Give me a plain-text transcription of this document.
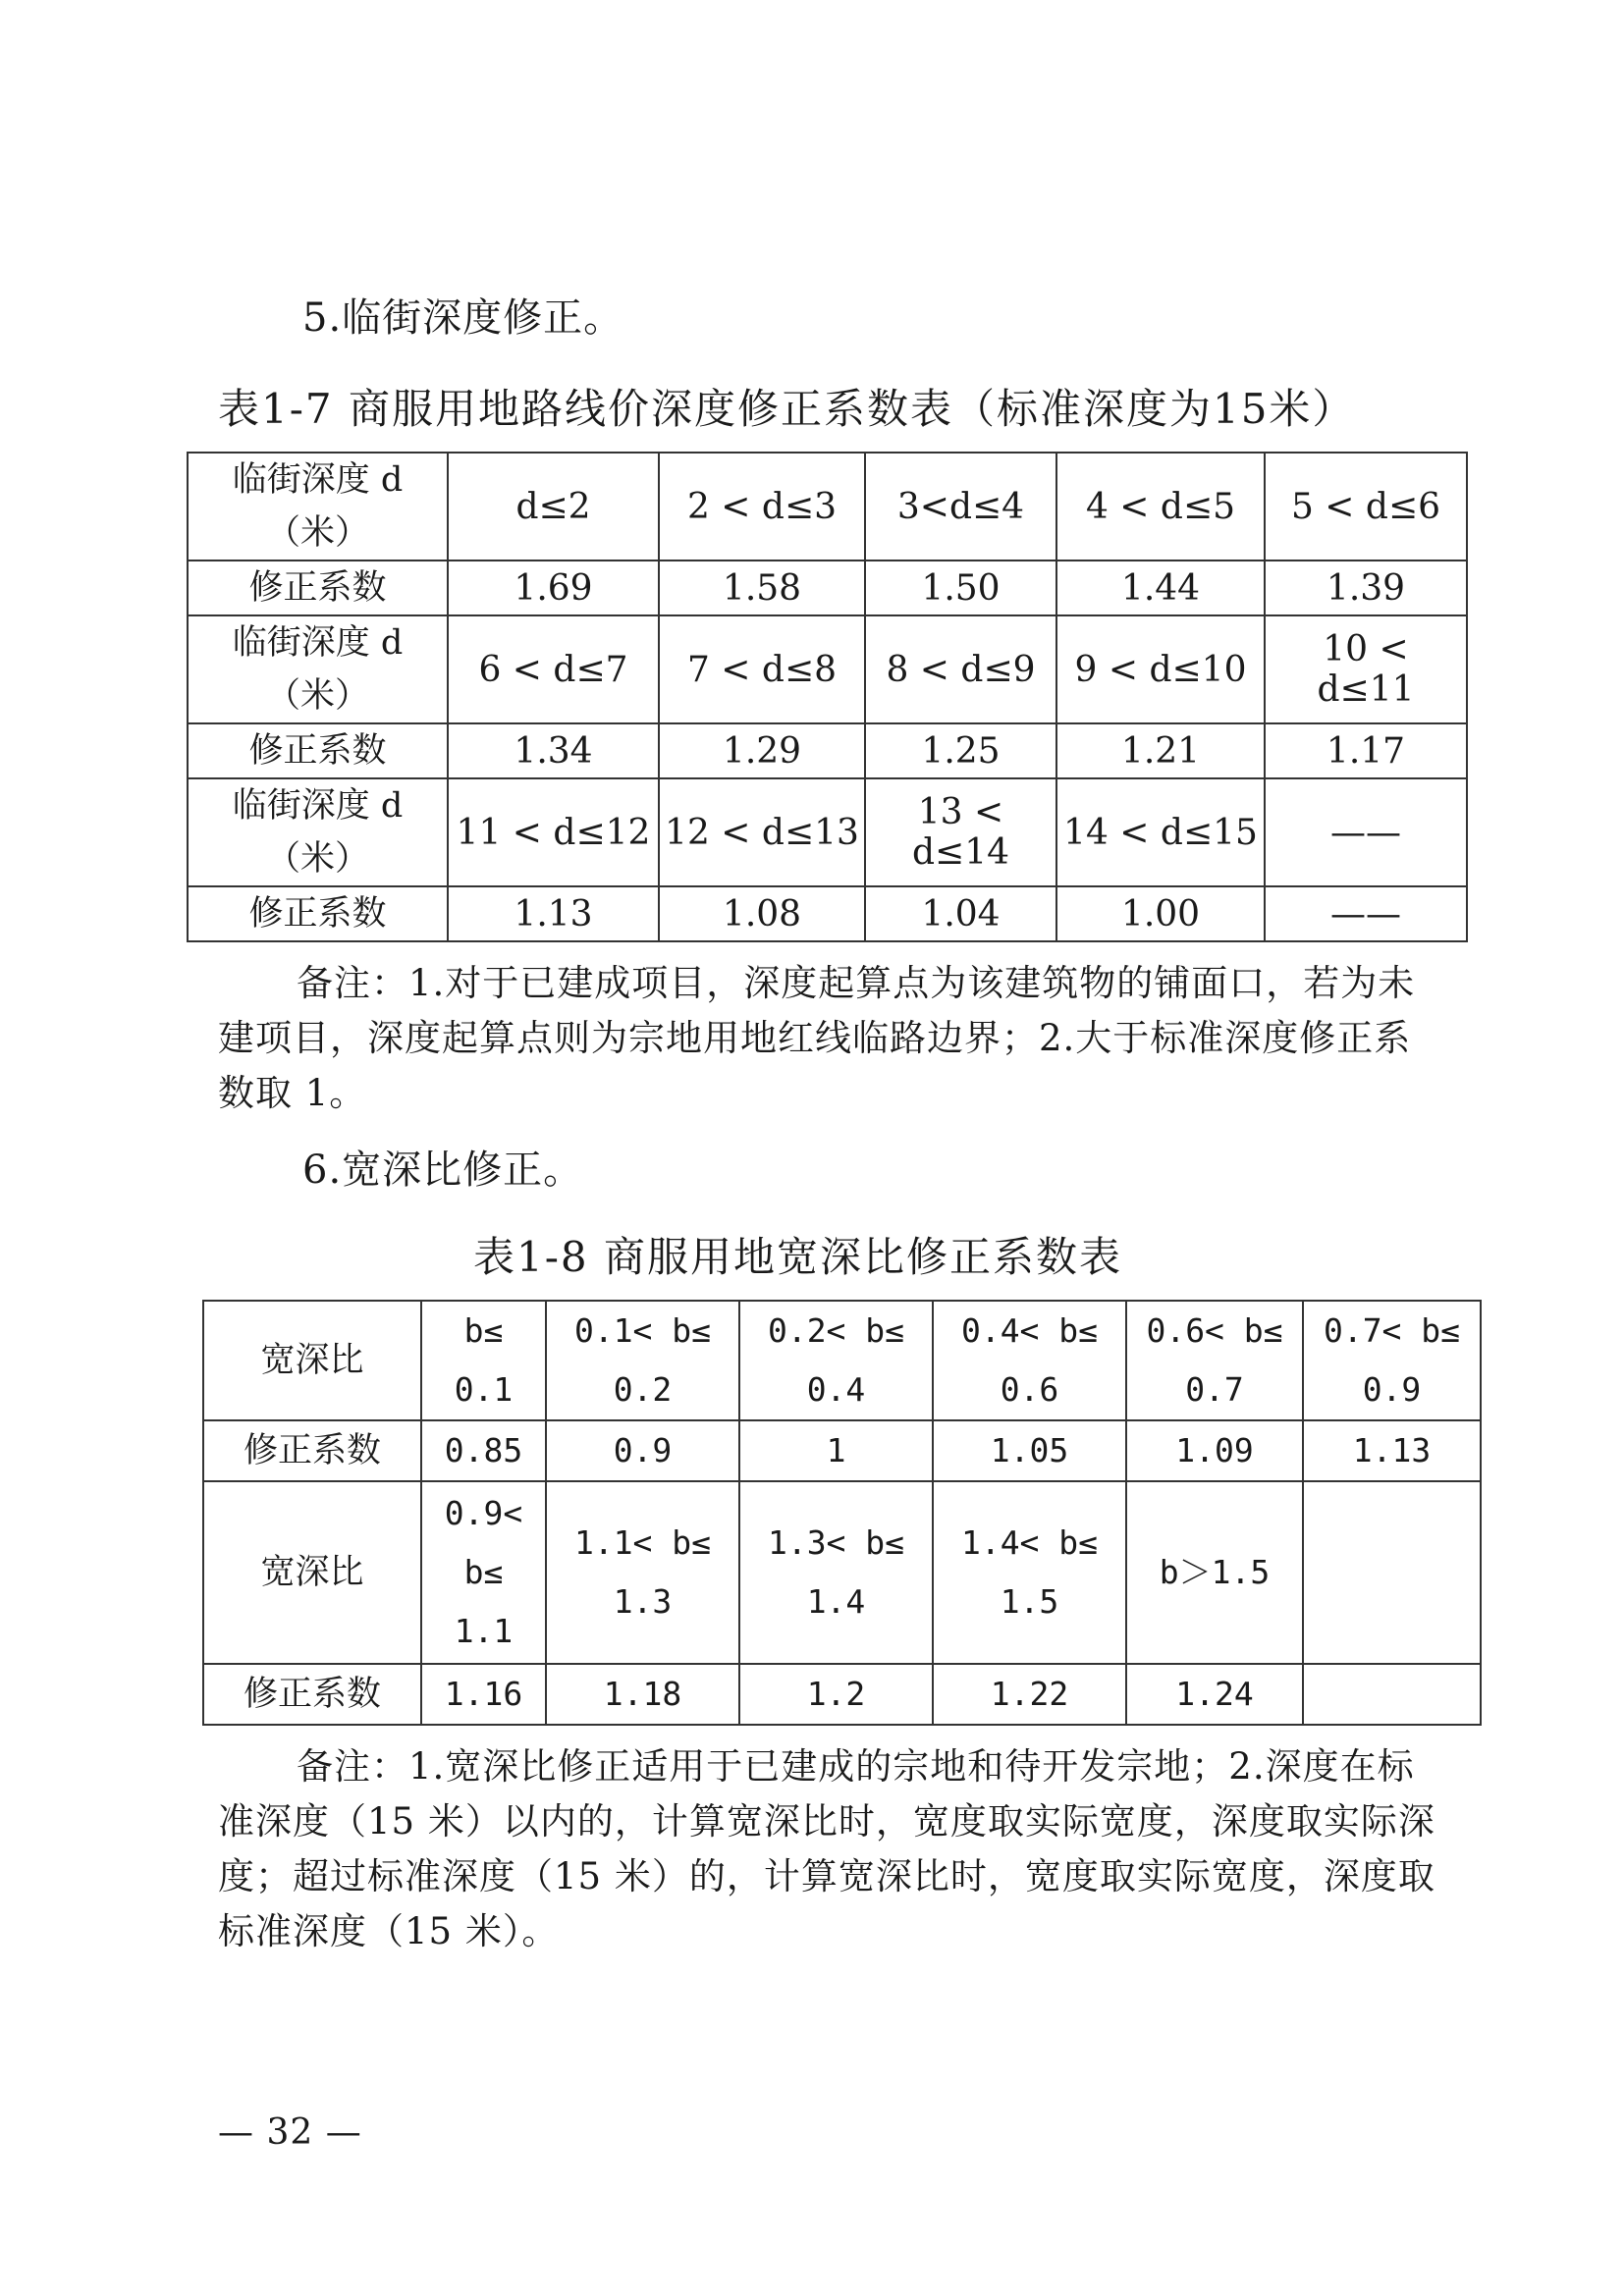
5.临街深度修正。
表1-7 商服用地路线价深度修正系数表（标准深度为15米）
临街深度 d（米）	d≤2	2 < d≤3	3<d≤4	4 < d≤5	5 < d≤6
修正系数	1.69	1.58	1.50	1.44	1.39
临街深度 d（米）	6 < d≤7	7 < d≤8	8 < d≤9	9 < d≤10	10 < d≤11
修正系数	1.34	1.29	1.25	1.21	1.17
临街深度 d（米）	11 < d≤12	12 < d≤13	13 < d≤14	14 < d≤15	——
修正系数	1.13	1.08	1.04	1.00	——

备注：1.对于已建成项目，深度起算点为该建筑物的铺面口，若为未建项目，深度起算点则为宗地用地红线临路边界；2.大于标准深度修正系数取 1。

6.宽深比修正。
表1-8 商服用地宽深比修正系数表
宽深比	b≤ 0.1	0.1< b≤ 0.2	0.2< b≤ 0.4	0.4< b≤ 0.6	0.6< b≤ 0.7	0.7< b≤ 0.9
修正系数	0.85	0.9	1	1.05	1.09	1.13
宽深比	0.9< b≤ 1.1	1.1< b≤ 1.3	1.3< b≤ 1.4	1.4< b≤ 1.5	b＞1.5	
修正系数	1.16	1.18	1.2	1.22	1.24	

备注：1.宽深比修正适用于已建成的宗地和待开发宗地；2.深度在标准深度（15 米）以内的，计算宽深比时，宽度取实际宽度，深度取实际深度；超过标准深度（15 米）的，计算宽深比时，宽度取实际宽度，深度取标准深度（15 米）。

— 32 —
